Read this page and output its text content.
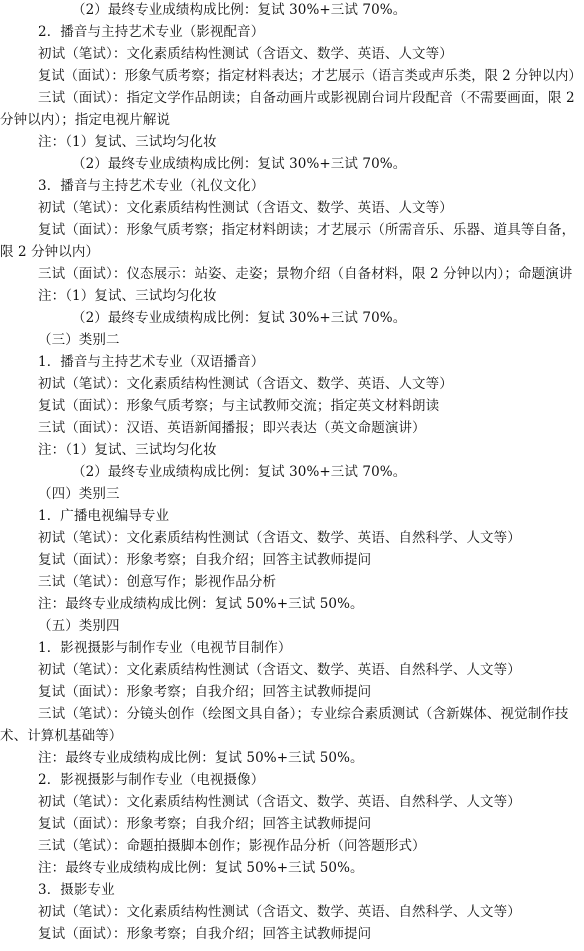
（2）最终专业成绩构成比例：复试 30%+三试 70%。
2．播音与主持艺术专业（影视配音）
初试（笔试）：文化素质结构性测试（含语文、数学、英语、人文等）
复试（面试）：形象气质考察；指定材料表达；才艺展示（语言类或声乐类，限 2 分钟以内）
三试（面试）：指定文学作品朗读；自备动画片或影视剧台词片段配音（不需要画面，限 2
分钟以内）；指定电视片解说
注：（1）复试、三试均匀化妆
（2）最终专业成绩构成比例：复试 30%+三试 70%。
3．播音与主持艺术专业（礼仪文化）
初试（笔试）：文化素质结构性测试（含语文、数学、英语、人文等）
复试（面试）：形象气质考察；指定材料朗读；才艺展示（所需音乐、乐器、道具等自备，
限 2 分钟以内）
三试（面试）：仪态展示：站姿、走姿；景物介绍（自备材料，限 2 分钟以内）；命题演讲
注：（1）复试、三试均匀化妆
（2）最终专业成绩构成比例：复试 30%+三试 70%。
（三）类别二
1．播音与主持艺术专业（双语播音）
初试（笔试）：文化素质结构性测试（含语文、数学、英语、人文等）
复试（面试）：形象气质考察；与主试教师交流；指定英文材料朗读
三试（面试）：汉语、英语新闻播报；即兴表达（英文命题演讲）
注：（1）复试、三试均匀化妆
（2）最终专业成绩构成比例：复试 30%+三试 70%。
（四）类别三
1．广播电视编导专业
初试（笔试）：文化素质结构性测试（含语文、数学、英语、自然科学、人文等）
复试（面试）：形象考察；自我介绍；回答主试教师提问
三试（笔试）：创意写作；影视作品分析
注：最终专业成绩构成比例：复试 50%+三试 50%。
（五）类别四
1．影视摄影与制作专业（电视节目制作）
初试（笔试）：文化素质结构性测试（含语文、数学、英语、自然科学、人文等）
复试（面试）：形象考察；自我介绍；回答主试教师提问
三试（笔试）：分镜头创作（绘图文具自备）；专业综合素质测试（含新媒体、视觉制作技
术、计算机基础等）
注：最终专业成绩构成比例：复试 50%+三试 50%。
2．影视摄影与制作专业（电视摄像）
初试（笔试）：文化素质结构性测试（含语文、数学、英语、自然科学、人文等）
复试（面试）：形象考察；自我介绍；回答主试教师提问
三试（笔试）：命题拍摄脚本创作；影视作品分析（问答题形式）
注：最终专业成绩构成比例：复试 50%+三试 50%。
3．摄影专业
初试（笔试）：文化素质结构性测试（含语文、数学、英语、自然科学、人文等）
复试（面试）：形象考察；自我介绍；回答主试教师提问
